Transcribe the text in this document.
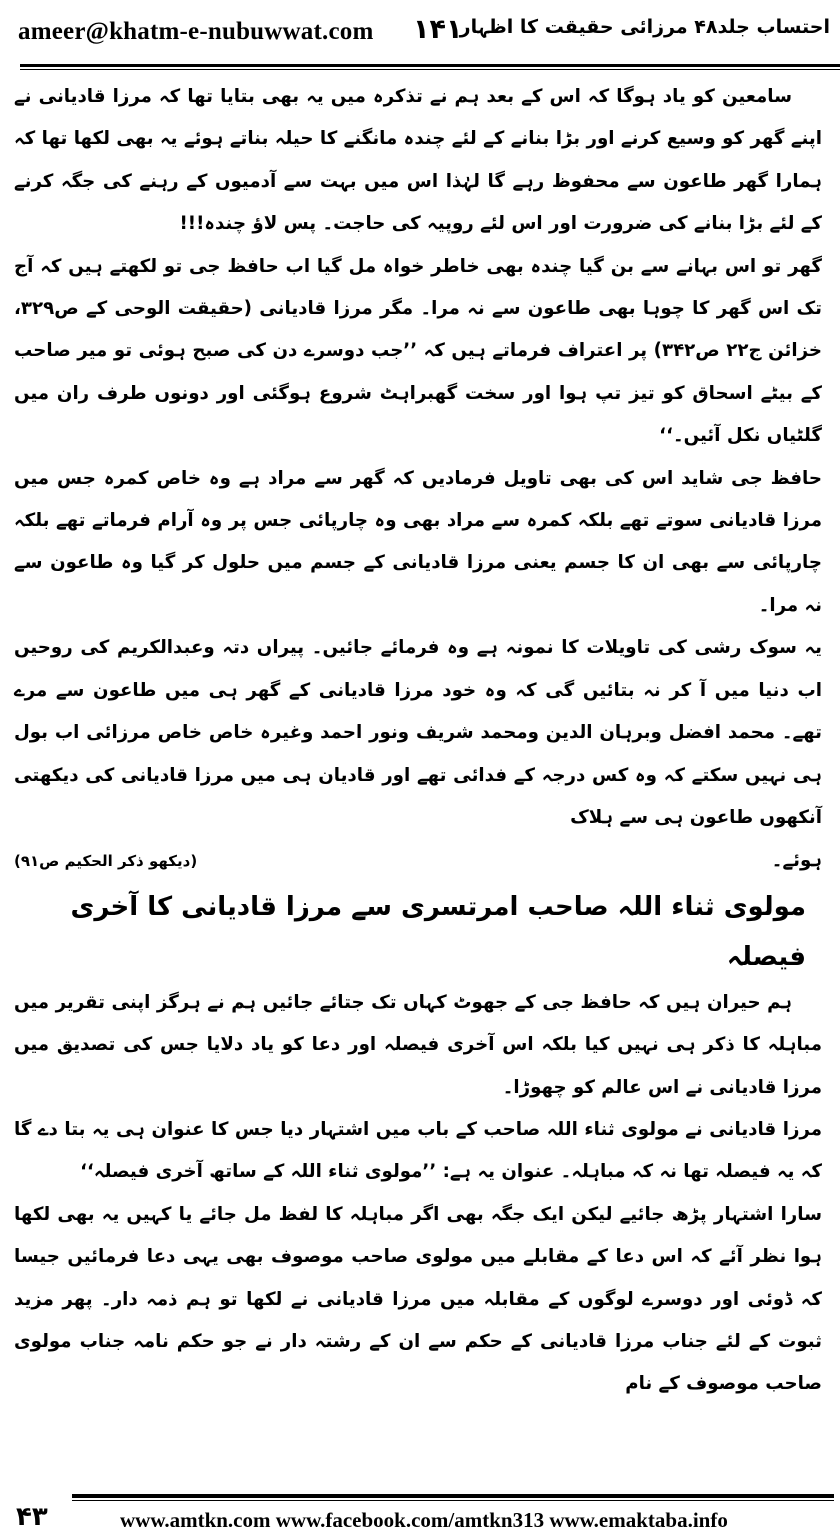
ameer@khatm-e-nubuwwat.com ۱۴۱
احتساب جلد۴۸ مرزائی حقیقت کا اظہار

سامعین کو یاد ہوگا کہ اس کے بعد ہم نے تذکرہ میں یہ بھی بتایا تھا کہ مرزا قادیانی نے اپنے گھر کو وسیع کرنے اور بڑا بنانے کے لئے چندہ مانگنے کا حیلہ بناتے ہوئے یہ بھی لکھا تھا کہ ہمارا گھر طاعون سے محفوظ رہے گا لہٰذا اس میں بہت سے آدمیوں کے رہنے کی جگہ کرنے کے لئے بڑا بنانے کی ضرورت اور اس لئے روپیہ کی حاجت۔ پس لاؤ چندہ!!!

گھر تو اس بہانے سے بن گیا چندہ بھی خاطر خواہ مل گیا اب حافظ جی تو لکھتے ہیں کہ آج تک اس گھر کا چوہا بھی طاعون سے نہ مرا۔ مگر مرزا قادیانی (حقیقت الوحی کے ص۳۲۹، خزائن ج۲۲ ص۳۴۲) پر اعتراف فرماتے ہیں کہ ’’جب دوسرے دن کی صبح ہوئی تو میر صاحب کے بیٹے اسحاق کو تیز تپ ہوا اور سخت گھبراہٹ شروع ہوگئی اور دونوں طرف ران میں گلٹیاں نکل آئیں۔‘‘

حافظ جی شاید اس کی بھی تاویل فرمادیں کہ گھر سے مراد ہے وہ خاص کمرہ جس میں مرزا قادیانی سوتے تھے بلکہ کمرہ سے مراد بھی وہ چارپائی جس پر وہ آرام فرماتے تھے بلکہ چارپائی سے بھی ان کا جسم یعنی مرزا قادیانی کے جسم میں حلول کر گیا وہ طاعون سے نہ مرا۔

یہ سوک رشی کی تاویلات کا نمونہ ہے وہ فرمائے جائیں۔ پیراں دتہ وعبدالکریم کی روحیں اب دنیا میں آ کر نہ بتائیں گی کہ وہ خود مرزا قادیانی کے گھر ہی میں طاعون سے مرے تھے۔ محمد افضل وبرہان الدین ومحمد شریف ونور احمد وغیرہ خاص خاص مرزائی اب بول ہی نہیں سکتے کہ وہ کس درجہ کے فدائی تھے اور قادیان ہی میں مرزا قادیانی کی دیکھتی آنکھوں طاعون ہی سے ہلاک

ہوئے۔
(دیکھو ذکر الحکیم ص۹۱)
مولوی ثناء اللہ صاحب امرتسری سے مرزا قادیانی کا آخری فیصلہ

ہم حیران ہیں کہ حافظ جی کے جھوٹ کہاں تک جتائے جائیں ہم نے ہرگز اپنی تقریر میں مباہلہ کا ذکر ہی نہیں کیا بلکہ اس آخری فیصلہ اور دعا کو یاد دلایا جس کی تصدیق میں مرزا قادیانی نے اس عالم کو چھوڑا۔

مرزا قادیانی نے مولوی ثناء اللہ صاحب کے باب میں اشتہار دیا جس کا عنوان ہی یہ بتا دے گا کہ یہ فیصلہ تھا نہ کہ مباہلہ۔ عنوان یہ ہے: ’’مولوی ثناء اللہ کے ساتھ آخری فیصلہ‘‘

سارا اشتہار پڑھ جائیے لیکن ایک جگہ بھی اگر مباہلہ کا لفظ مل جائے یا کہیں یہ بھی لکھا ہوا نظر آئے کہ اس دعا کے مقابلے میں مولوی صاحب موصوف بھی یہی دعا فرمائیں جیسا کہ ڈوئی اور دوسرے لوگوں کے مقابلہ میں مرزا قادیانی نے لکھا تو ہم ذمہ دار۔ پھر مزید ثبوت کے لئے جناب مرزا قادیانی کے حکم سے ان کے رشتہ دار نے جو حکم نامہ جناب مولوی صاحب موصوف کے نام

۴۳	www.amtkn.com www.facebook.com/amtkn313 www.emaktaba.info
